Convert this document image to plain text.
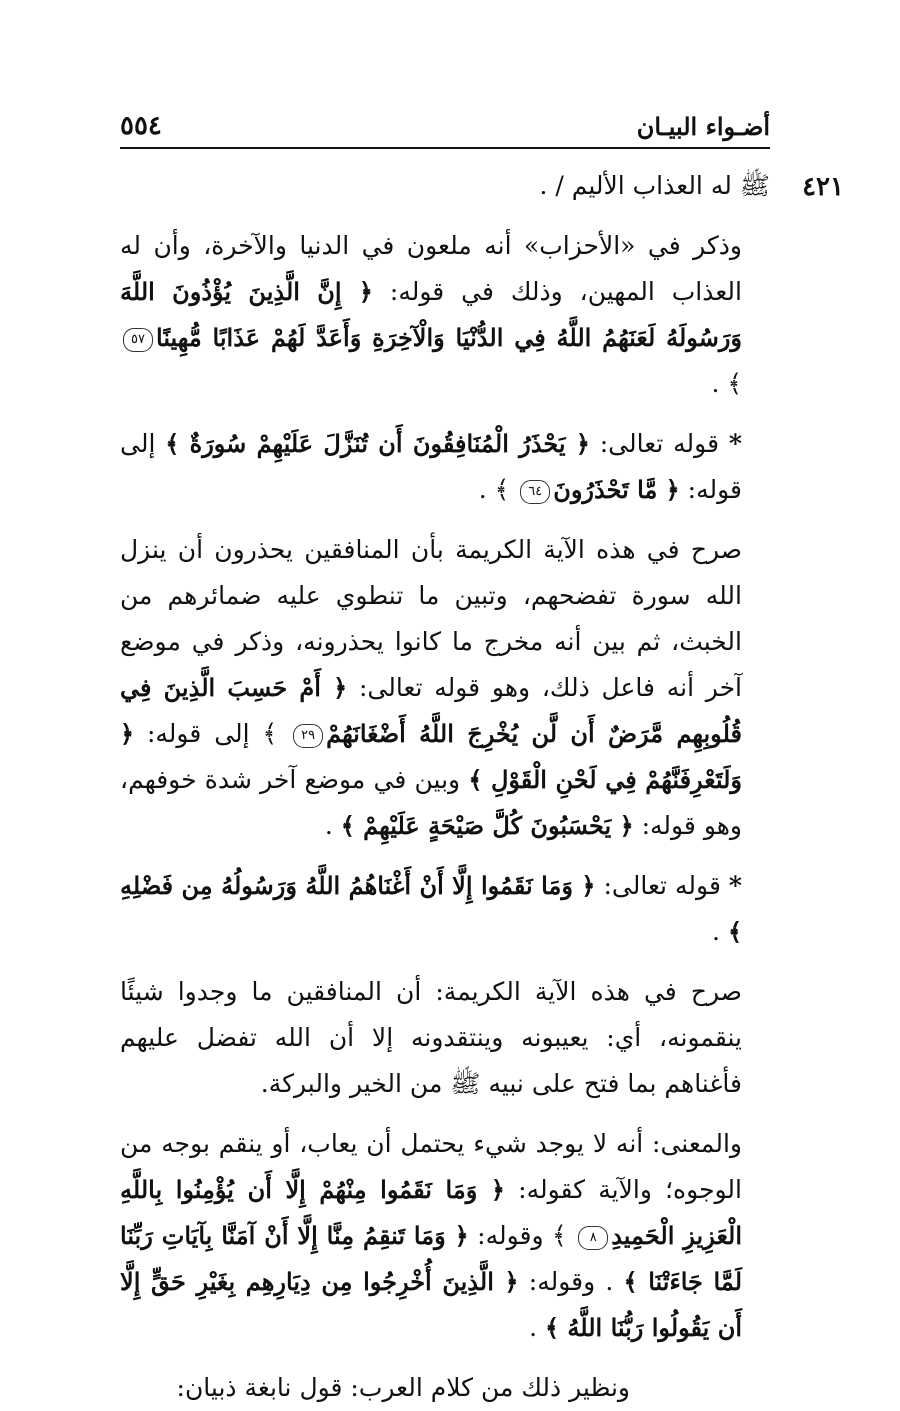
أضـواء البيـان
٥٥٤
٤٢١

ﷺ له العذاب الأليم / .

وذكر في «الأحزاب» أنه ملعون في الدنيا والآخرة، وأن له العذاب المهين، وذلك في قوله: ﴿ إِنَّ الَّذِينَ يُؤْذُونَ اللَّهَ وَرَسُولَهُ لَعَنَهُمُ اللَّهُ فِي الدُّنْيَا وَالْآخِرَةِ وَأَعَدَّ لَهُمْ عَذَابًا مُّهِينًا٥٧ ﴾ .

* قوله تعالى: ﴿ يَحْذَرُ الْمُنَافِقُونَ أَن تُنَزَّلَ عَلَيْهِمْ سُورَةٌ ﴾ إلى قوله: ﴿ مَّا تَحْذَرُونَ٦٤ ﴾ .

صرح في هذه الآية الكريمة بأن المنافقين يحذرون أن ينزل الله سورة تفضحهم، وتبين ما تنطوي عليه ضمائرهم من الخبث، ثم بين أنه مخرج ما كانوا يحذرونه، وذكر في موضع آخر أنه فاعل ذلك، وهو قوله تعالى: ﴿ أَمْ حَسِبَ الَّذِينَ فِي قُلُوبِهِم مَّرَضٌ أَن لَّن يُخْرِجَ اللَّهُ أَضْغَانَهُمْ٢٩ ﴾ إلى قوله: ﴿ وَلَتَعْرِفَنَّهُمْ فِي لَحْنِ الْقَوْلِ ﴾ وبين في موضع آخر شدة خوفهم، وهو قوله: ﴿ يَحْسَبُونَ كُلَّ صَيْحَةٍ عَلَيْهِمْ ﴾ .

* قوله تعالى: ﴿ وَمَا نَقَمُوا إِلَّا أَنْ أَغْنَاهُمُ اللَّهُ وَرَسُولُهُ مِن فَضْلِهِ ﴾ .

صرح في هذه الآية الكريمة: أن المنافقين ما وجدوا شيئًا ينقمونه، أي: يعيبونه وينتقدونه إلا أن الله تفضل عليهم فأغناهم بما فتح على نبيه ﷺ من الخير والبركة.

والمعنى: أنه لا يوجد شيء يحتمل أن يعاب، أو ينقم بوجه من الوجوه؛ والآية كقوله: ﴿ وَمَا نَقَمُوا مِنْهُمْ إِلَّا أَن يُؤْمِنُوا بِاللَّهِ الْعَزِيزِ الْحَمِيدِ٨ ﴾ وقوله: ﴿ وَمَا تَنقِمُ مِنَّا إِلَّا أَنْ آمَنَّا بِآيَاتِ رَبِّنَا لَمَّا جَاءَتْنَا ﴾ . وقوله: ﴿ الَّذِينَ أُخْرِجُوا مِن دِيَارِهِم بِغَيْرِ حَقٍّ إِلَّا أَن يَقُولُوا رَبُّنَا اللَّهُ ﴾ .

ونظير ذلك من كلام العرب: قول نابغة ذبيان:
